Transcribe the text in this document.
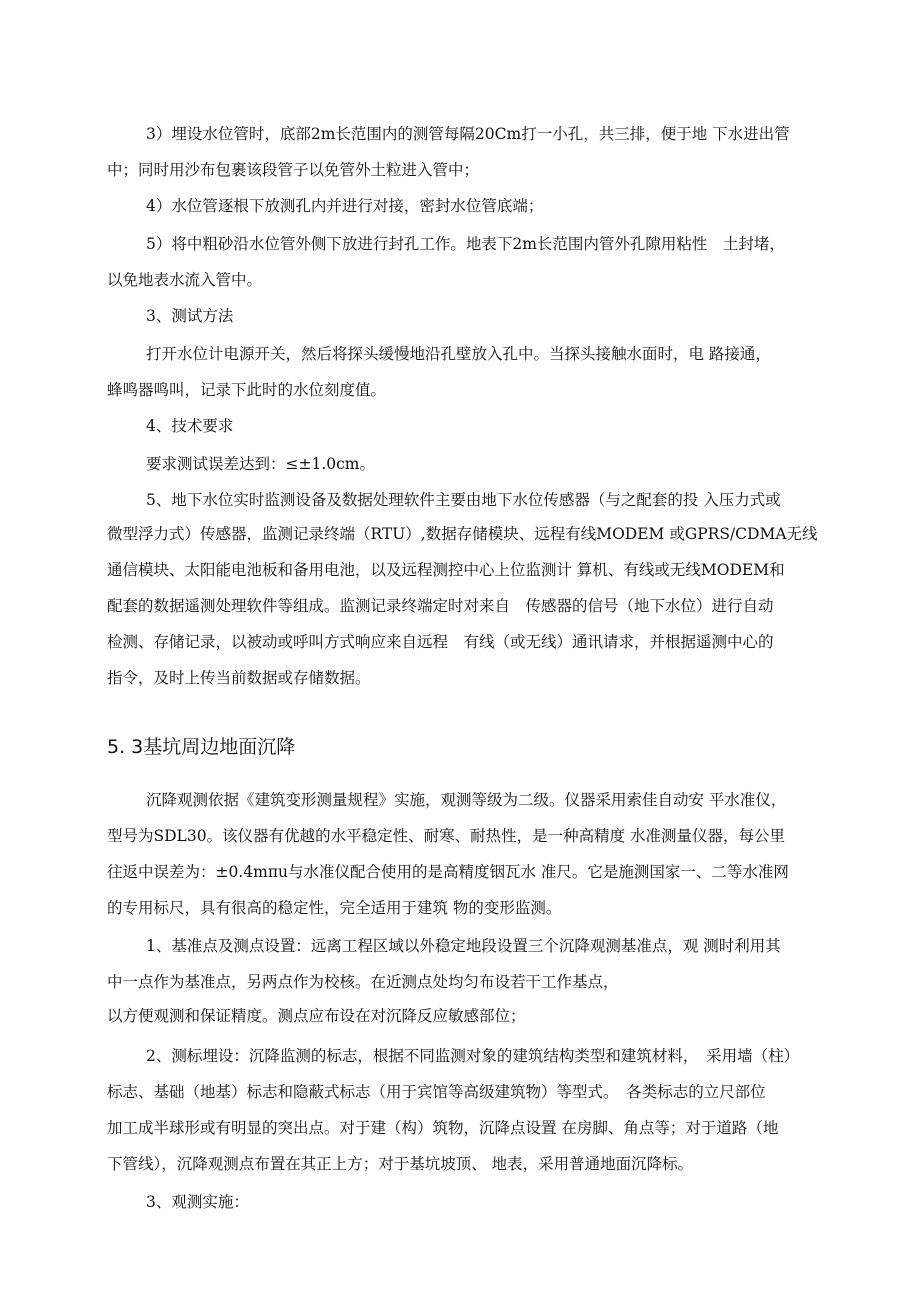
3）埋设水位管时，底部2m长范围内的测管每隔20Cm打一小孔，共三排，便于地 下水进出管

中；同时用沙布包裹该段管子以免管外土粒进入管中；

4）水位管逐根下放测孔内并进行对接，密封水位管底端；

5）将中粗砂沿水位管外侧下放进行封孔工作。地表下2m长范围内管外孔隙用粘性　土封堵，

以免地表水流入管中。

3、测试方法

打开水位计电源开关，然后将探头缓慢地沿孔壁放入孔中。当探头接触水面时，电 路接通，

蜂鸣器鸣叫，记录下此时的水位刻度值。

4、技术要求

要求测试误差达到：≤±1.0cm。

5、地下水位实时监测设备及数据处理软件主要由地下水位传感器（与之配套的投 入压力式或

微型浮力式）传感器，监测记录终端（RTU）,数据存储模块、远程有线MODEM 或GPRS/CDMA无线

通信模块、太阳能电池板和备用电池，以及远程测控中心上位监测计 算机、有线或无线MODEM和

配套的数据遥测处理软件等组成。监测记录终端定时对来自　传感器的信号（地下水位）进行自动

检测、存储记录，以被动或呼叫方式响应来自远程　有线（或无线）通讯请求，并根据遥测中心的

指令，及时上传当前数据或存储数据。

5. 3基坑周边地面沉降

沉降观测依据《建筑变形测量规程》实施，观测等级为二级。仪器采用索佳自动安 平水准仪，

型号为SDL30。该仪器有优越的水平稳定性、耐寒、耐热性，是一种高精度 水准测量仪器，每公里

往返中误差为：±0.4mπu与水准仪配合使用的是高精度铟瓦水 准尺。它是施测国家一、二等水准网

的专用标尺，具有很高的稳定性，完全适用于建筑 物的变形监测。

1、基准点及测点设置：远离工程区域以外稳定地段设置三个沉降观测基准点，观 测时利用其

中一点作为基准点，另两点作为校核。在近测点处均匀布设若干工作基点，

以方便观测和保证精度。测点应布设在对沉降反应敏感部位；

2、测标埋设：沉降监测的标志，根据不同监测对象的建筑结构类型和建筑材料，　采用墙（柱）

标志、基础（地基）标志和隐蔽式标志（用于宾馆等高级建筑物）等型式。　各类标志的立尺部位

加工成半球形或有明显的突出点。对于建（构）筑物，沉降点设置 在房脚、角点等；对于道路（地

下管线），沉降观测点布置在其正上方；对于基坑坡顶、 地表，采用普通地面沉降标。

3、观测实施：
